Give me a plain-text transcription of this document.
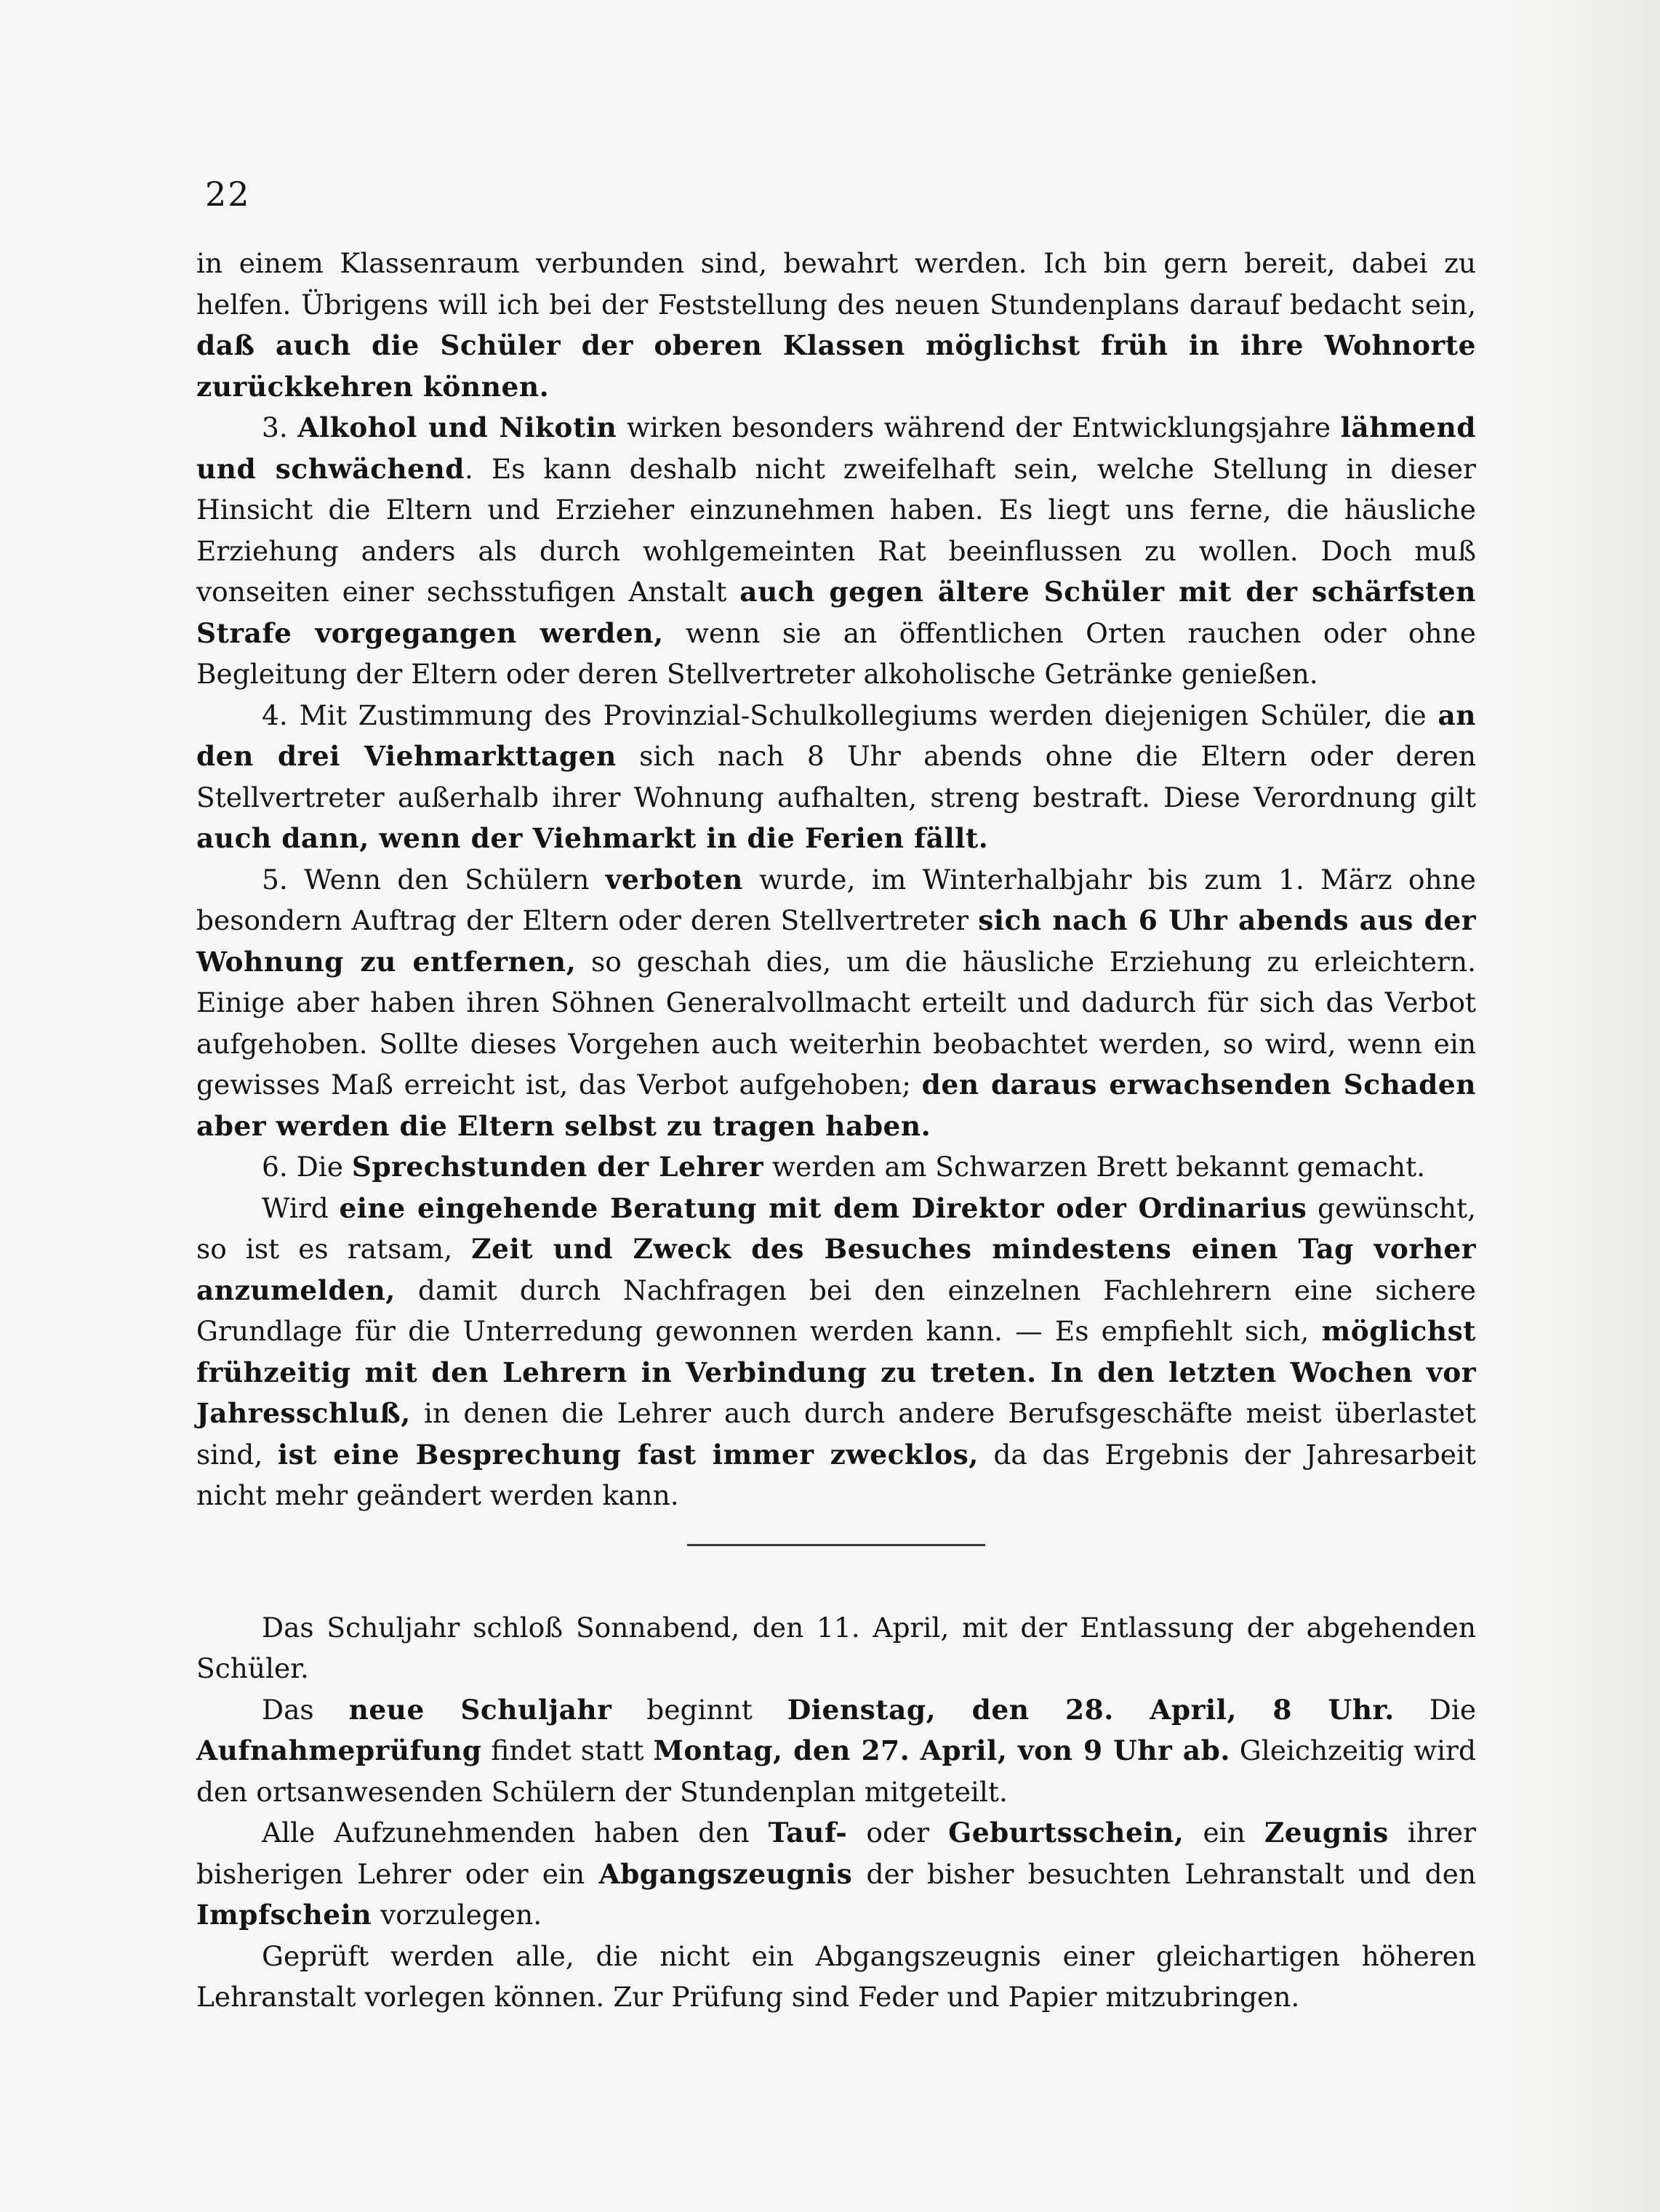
22

in einem Klassenraum verbunden sind, bewahrt werden. Ich bin gern bereit, dabei zu helfen. Übrigens will ich bei der Feststellung des neuen Stundenplans darauf bedacht sein, daß auch die Schüler der oberen Klassen möglichst früh in ihre Wohnorte zurückkehren können.

3. Alkohol und Nikotin wirken besonders während der Entwicklungsjahre lähmend und schwächend. Es kann deshalb nicht zweifelhaft sein, welche Stellung in dieser Hinsicht die Eltern und Erzieher einzunehmen haben. Es liegt uns ferne, die häusliche Erziehung anders als durch wohlgemeinten Rat beeinflussen zu wollen. Doch muß vonseiten einer sechsstufigen Anstalt auch gegen ältere Schüler mit der schärfsten Strafe vorgegangen werden, wenn sie an öffentlichen Orten rauchen oder ohne Begleitung der Eltern oder deren Stellvertreter alkoholische Getränke genießen.

4. Mit Zustimmung des Provinzial-Schulkollegiums werden diejenigen Schüler, die an den drei Viehmarkttagen sich nach 8 Uhr abends ohne die Eltern oder deren Stellvertreter außerhalb ihrer Wohnung aufhalten, streng bestraft. Diese Verordnung gilt auch dann, wenn der Viehmarkt in die Ferien fällt.

5. Wenn den Schülern verboten wurde, im Winterhalbjahr bis zum 1. März ohne besondern Auftrag der Eltern oder deren Stellvertreter sich nach 6 Uhr abends aus der Wohnung zu entfernen, so geschah dies, um die häusliche Erziehung zu erleichtern. Einige aber haben ihren Söhnen Generalvollmacht erteilt und dadurch für sich das Verbot aufgehoben. Sollte dieses Vorgehen auch weiterhin beobachtet werden, so wird, wenn ein gewisses Maß erreicht ist, das Verbot aufgehoben; den daraus erwachsenden Schaden aber werden die Eltern selbst zu tragen haben.

6. Die Sprechstunden der Lehrer werden am Schwarzen Brett bekannt gemacht.

Wird eine eingehende Beratung mit dem Direktor oder Ordinarius gewünscht, so ist es ratsam, Zeit und Zweck des Besuches mindestens einen Tag vorher anzumelden, damit durch Nachfragen bei den einzelnen Fachlehrern eine sichere Grundlage für die Unterredung gewonnen werden kann. — Es empfiehlt sich, möglichst frühzeitig mit den Lehrern in Verbindung zu treten. In den letzten Wochen vor Jahresschluß, in denen die Lehrer auch durch andere Berufsgeschäfte meist überlastet sind, ist eine Besprechung fast immer zwecklos, da das Ergebnis der Jahresarbeit nicht mehr geändert werden kann.

Das Schuljahr schloß Sonnabend, den 11. April, mit der Entlassung der abgehenden Schüler.

Das neue Schuljahr beginnt Dienstag, den 28. April, 8 Uhr. Die Aufnahmeprüfung findet statt Montag, den 27. April, von 9 Uhr ab. Gleichzeitig wird den ortsanwesenden Schülern der Stundenplan mitgeteilt.

Alle Aufzunehmenden haben den Tauf- oder Geburtsschein, ein Zeugnis ihrer bisherigen Lehrer oder ein Abgangszeugnis der bisher besuchten Lehranstalt und den Impfschein vorzulegen.

Geprüft werden alle, die nicht ein Abgangszeugnis einer gleichartigen höheren Lehranstalt vorlegen können. Zur Prüfung sind Feder und Papier mitzubringen.
